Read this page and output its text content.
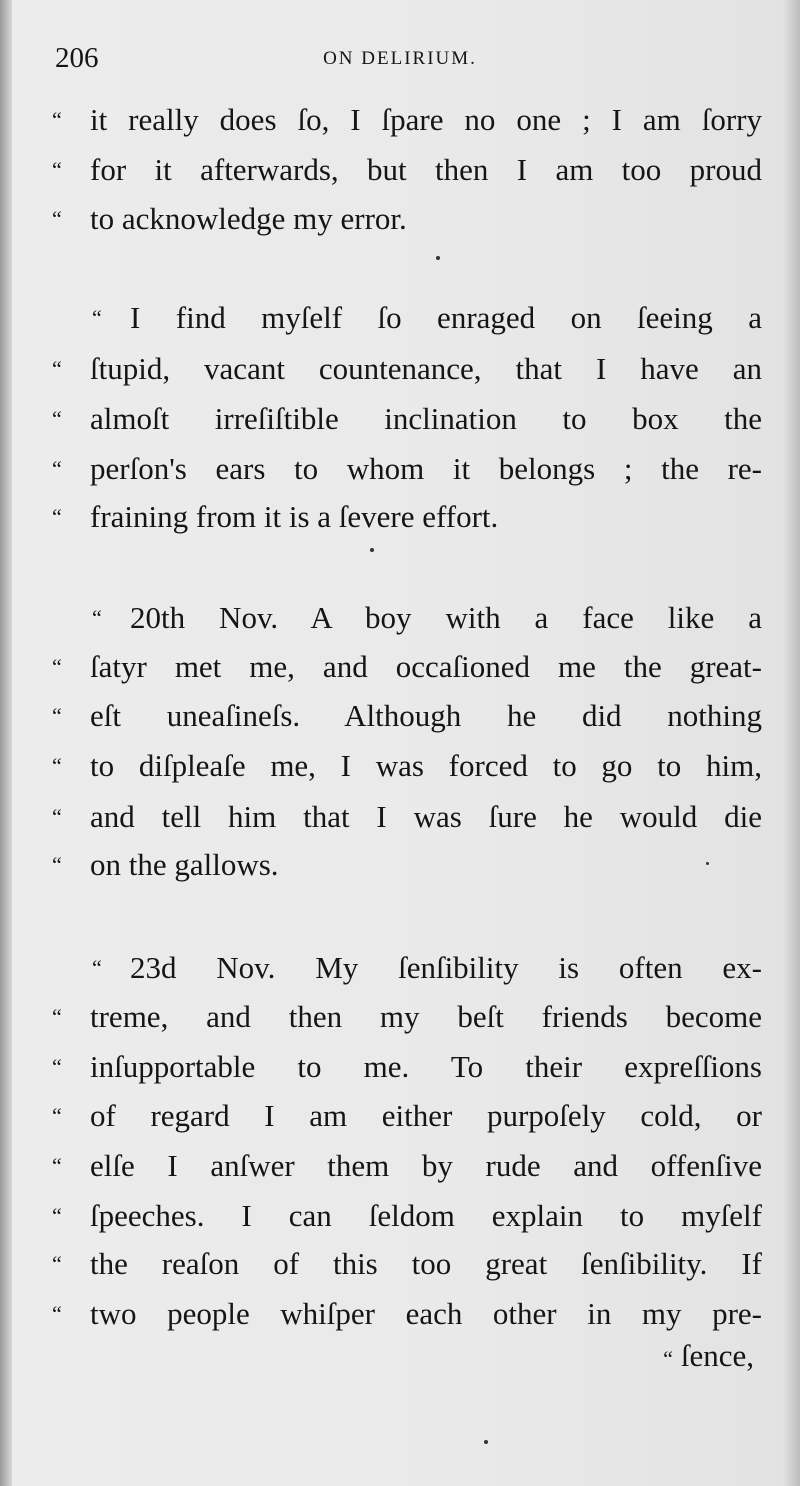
206	ON DELIRIUM.
“ it really does ſo, I ſpare no one ; I am ſorry
“ for it afterwards, but then I am too proud
“ to acknowledge my error.
“ I find myſelf ſo enraged on ſeeing a
“ ſtupid, vacant countenance, that I have an
“ almoſt irreſiſtible inclination to box the
“ perſon's ears to whom it belongs ; the re-
“ fraining from it is a ſevere effort.
“ 20th Nov. A boy with a face like a
“ ſatyr met me, and occaſioned me the great-
“ eſt uneaſineſs. Although he did nothing
“ to diſpleaſe me, I was forced to go to him,
“ and tell him that I was ſure he would die
“ on the gallows.
“ 23d Nov. My ſenſibility is often ex-
“ treme, and then my beſt friends become
“ inſupportable to me. To their expreſſions
“ of regard I am either purpoſely cold, or
“ elſe I anſwer them by rude and offenſive
“ ſpeeches. I can ſeldom explain to myſelf
“ the reaſon of this too great ſenſibility. If
“ two people whiſper each other in my pre-
“ ſence,
